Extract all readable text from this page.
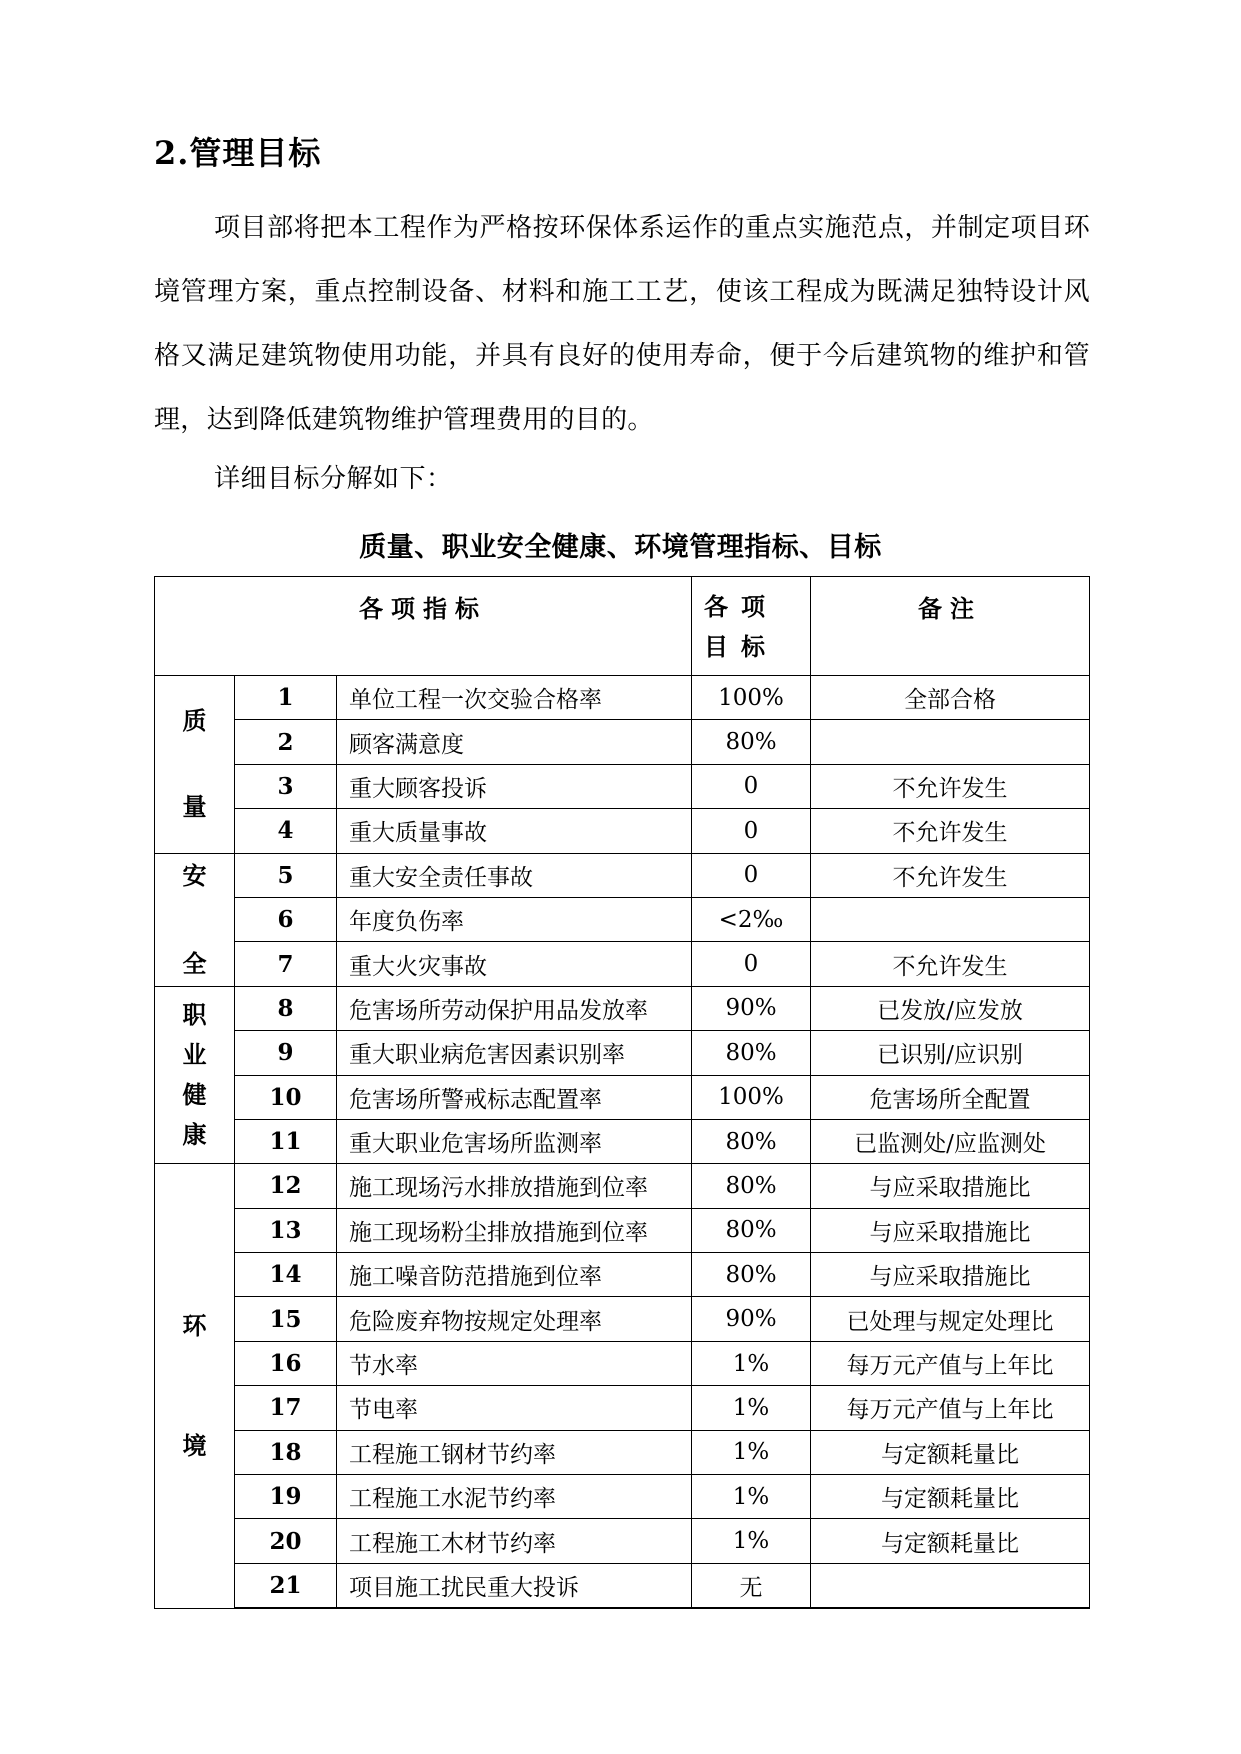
2.管理目标
项目部将把本工程作为严格按环保体系运作的重点实施范点，并制定项目环境管理方案，重点控制设备、材料和施工工艺，使该工程成为既满足独特设计风格又满足建筑物使用功能，并具有良好的使用寿命，便于今后建筑物的维护和管理，达到降低建筑物维护管理费用的目的。
详细目标分解如下：
质量、职业安全健康、环境管理指标、目标
各项指标			各项目标	备注

质
量	1	单位工程一次交验合格率	100%	全部合格
	2	顾客满意度	80%	
	3	重大顾客投诉	0	不允许发生
	4	重大质量事故	0	不允许发生

安
全	5	重大安全责任事故	0	不允许发生
	6	年度负伤率	<2‰	
	7	重大火灾事故	0	不允许发生

职
业
健
康	8	危害场所劳动保护用品发放率	90%	已发放/应发放
	9	重大职业病危害因素识别率	80%	已识别/应识别
	10	危害场所警戒标志配置率	100%	危害场所全配置
	11	重大职业危害场所监测率	80%	已监测处/应监测处

环
境	12	施工现场污水排放措施到位率	80%	与应采取措施比
	13	施工现场粉尘排放措施到位率	80%	与应采取措施比
	14	施工噪音防范措施到位率	80%	与应采取措施比
	15	危险废弃物按规定处理率	90%	已处理与规定处理比
	16	节水率	1%	每万元产值与上年比
	17	节电率	1%	每万元产值与上年比
	18	工程施工钢材节约率	1%	与定额耗量比
	19	工程施工水泥节约率	1%	与定额耗量比
	20	工程施工木材节约率	1%	与定额耗量比
	21	项目施工扰民重大投诉	无	
